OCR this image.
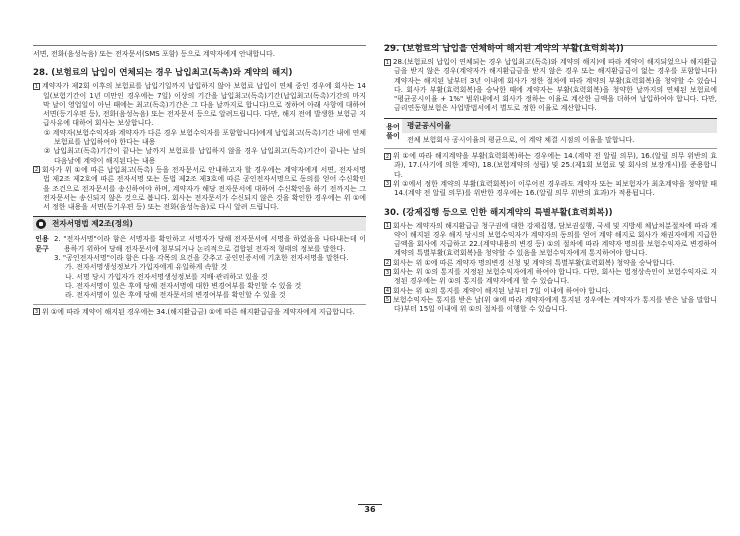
서면, 전화(음성녹음) 또는 전자문서(SMS 포함) 등으로 계약자에게 안내합니다.

28. (보험료의 납입이 연체되는 경우 납입최고(독촉)와 계약의 해지)

1 계약자가 제2회 이후의 보험료를 납입기일까지 납입하지 않아 보험료 납입이 연체 중인 경우에 회사는 14일(보험기간이 1년 미만인 경우에는 7일) 이상의 기간을 납입최고(독촉)기간(납입최고(독촉)기간의 마지막 날이 영업일이 아닌 때에는 최고(독촉)기간은 그 다음 날까지로 합니다)으로 정하여 아래 사항에 대하여 서면(등기우편 등), 전화(음성녹음) 또는 전자문서 등으로 알려드립니다. 다만, 해지 전에 발생한 보험금 지급사유에 대하여 회사는 보상합니다.

① 계약자(보험수익자와 계약자가 다른 경우 보험수익자를 포함합니다)에게 납입최고(독촉)기간 내에 연체보험료를 납입하여야 한다는 내용

② 납입최고(독촉)기간이 끝나는 날까지 보험료를 납입하지 않을 경우 납입최고(독촉)기간이 끝나는 날의 다음날에 계약이 해지된다는 내용

2 회사가 위 ①에 따른 납입최고(독촉) 등을 전자문서로 안내하고자 할 경우에는 계약자에게 서면, 전자서명법 제2조 제2호에 따른 전자서명 또는 동법 제2조 제3호에 따른 공인전자서명으로 동의를 얻어 수신확인을 조건으로 전자문서를 송신하여야 하며, 계약자가 해당 전자문서에 대하여 수신확인을 하기 전까지는 그 전자문서는 송신되지 않은 것으로 봅니다. 회사는 전자문서가 수신되지 않은 것을 확인한 경우에는 위 ①에서 정한 내용을 서면(등기우편 등) 또는 전화(음성녹음)로 다시 알려 드립니다.

전자서명법 제2조(정의)
인용 문구

2. "전자서명"이라 함은 서명자를 확인하고 서명자가 당해 전자문서에 서명을 하였음을 나타내는데 이용하기 위하여 당해 전자문서에 첨부되거나 논리적으로 결합된 전자적 형태의 정보를 말한다.

3. "공인전자서명"이라 함은 다음 각목의 요건을 갖추고 공인인증서에 기초한 전자서명을 말한다.

가. 전자서명생성정보가 가입자에게 유일하게 속할 것

나. 서명 당시 가입자가 전자서명생성정보를 지배·관리하고 있을 것

다. 전자서명이 있은 후에 당해 전자서명에 대한 변경여부를 확인할 수 있을 것

라. 전자서명이 있은 후에 당해 전자문서의 변경여부를 확인할 수 있을 것

3 위 ①에 따라 계약이 해지된 경우에는 34.(해지환급금) ①에 따른 해지환급금을 계약자에게 지급합니다.

29. (보험료의 납입을 연체하여 해지된 계약의 부활(효력회복))

1 28.(보험료의 납입이 연체되는 경우 납입최고(독촉)와 계약의 해지)에 따라 계약이 해지되었으나 해지환급금을 받지 않은 경우(계약자가 해지환급금을 받지 않은 경우 또는 해지환급금이 없는 경우를 포함합니다) 계약자는 해지된 날부터 3년 이내에 회사가 정한 절차에 따라 계약의 부활(효력회복)을 청약할 수 있습니다. 회사가 부활(효력회복)을 승낙한 때에 계약자는 부활(효력회복)을 청약한 날까지의 연체된 보험료에 "평균공시이율 + 1%" 범위내에서 회사가 정하는 이율로 계산한 금액을 더하여 납입하여야 합니다. 다만, 금리연동형보험은 사업방법서에서 별도로 정한 이율로 계산합니다.

용어 풀이
평균공시이율

전체 보험회사 공시이율의 평균으로, 이 계약 체결 시점의 이율을 말합니다.

2 위 ①에 따라 해지계약을 부활(효력회복)하는 경우에는 14.(계약 전 알릴 의무), 16.(알릴 의무 위반의 효과), 17.(사기에 의한 계약), 18.(보험계약의 성립) 및 25.(제1회 보험료 및 회사의 보장개시)를 준용합니다.

3 위 ①에서 정한 계약의 부활(효력회복)이 이루어진 경우라도 계약자 또는 피보험자가 최초계약을 청약할 때 14.(계약 전 알릴 의무)를 위반한 경우에는 16.(알릴 의무 위반의 효과)가 적용됩니다.

30. (강제집행 등으로 인한 해지계약의 특별부활(효력회복))

1 회사는 계약자의 해지환급금 청구권에 대한 강제집행, 담보권실행, 국세 및 지방세 체납처분절차에 따라 계약이 해지된 경우 해지 당시의 보험수익자가 계약자의 동의를 얻어 계약 해지로 회사가 채권자에게 지급한 금액을 회사에 지급하고 22.(계약내용의 변경 등) ①의 절차에 따라 계약자 명의를 보험수익자로 변경하여 계약의 특별부활(효력회복)을 청약할 수 있음을 보험수익자에게 통지하여야 합니다.

2 회사는 위 ①에 따른 계약자 명의변경 신청 및 계약의 특별부활(효력회복) 청약을 승낙합니다.

3 회사는 위 ①의 통지를 지정된 보험수익자에게 하여야 합니다. 다만, 회사는 법정상속인이 보험수익자로 지정된 경우에는 위 ①의 통지를 계약자에게 할 수 있습니다.

4 회사는 위 ①의 통지를 계약이 해지된 날부터 7일 이내에 하여야 합니다.

5 보험수익자는 통지를 받은 날(위 ③에 따라 계약자에게 통지된 경우에는 계약자가 통지를 받은 날을 말합니다)부터 15일 이내에 위 ①의 절차를 이행할 수 있습니다.

36
